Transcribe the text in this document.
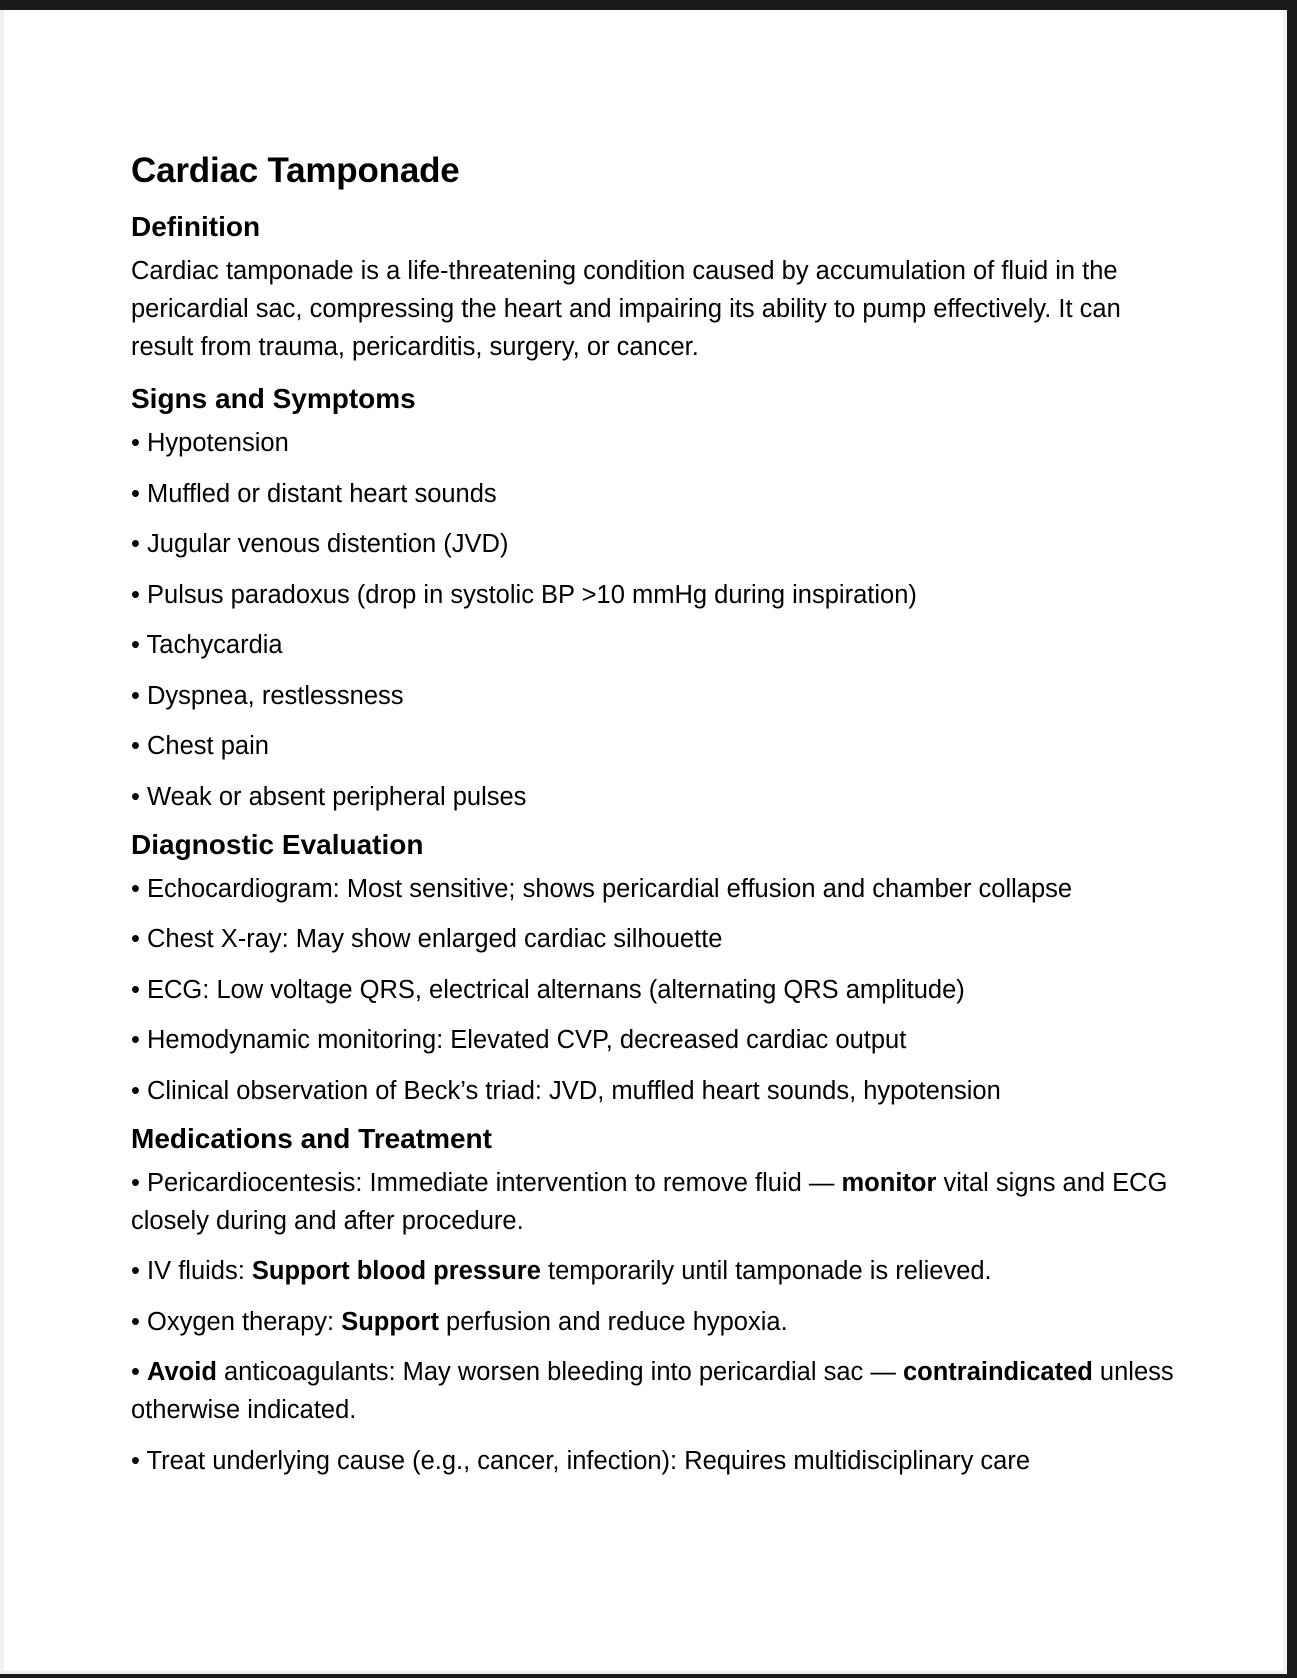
Cardiac Tamponade
Definition

Cardiac tamponade is a life-threatening condition caused by accumulation of fluid in the pericardial sac, compressing the heart and impairing its ability to pump effectively. It can result from trauma, pericarditis, surgery, or cancer.

Signs and Symptoms
• Hypotension
• Muffled or distant heart sounds
• Jugular venous distention (JVD)
• Pulsus paradoxus (drop in systolic BP >10 mmHg during inspiration)
• Tachycardia
• Dyspnea, restlessness
• Chest pain
• Weak or absent peripheral pulses
Diagnostic Evaluation
• Echocardiogram: Most sensitive; shows pericardial effusion and chamber collapse
• Chest X-ray: May show enlarged cardiac silhouette
• ECG: Low voltage QRS, electrical alternans (alternating QRS amplitude)
• Hemodynamic monitoring: Elevated CVP, decreased cardiac output
• Clinical observation of Beck’s triad: JVD, muffled heart sounds, hypotension
Medications and Treatment
• Pericardiocentesis: Immediate intervention to remove fluid — monitor vital signs and ECG closely during and after procedure.
• IV fluids: Support blood pressure temporarily until tamponade is relieved.
• Oxygen therapy: Support perfusion and reduce hypoxia.
• Avoid anticoagulants: May worsen bleeding into pericardial sac — contraindicated unless otherwise indicated.
• Treat underlying cause (e.g., cancer, infection): Requires multidisciplinary care
